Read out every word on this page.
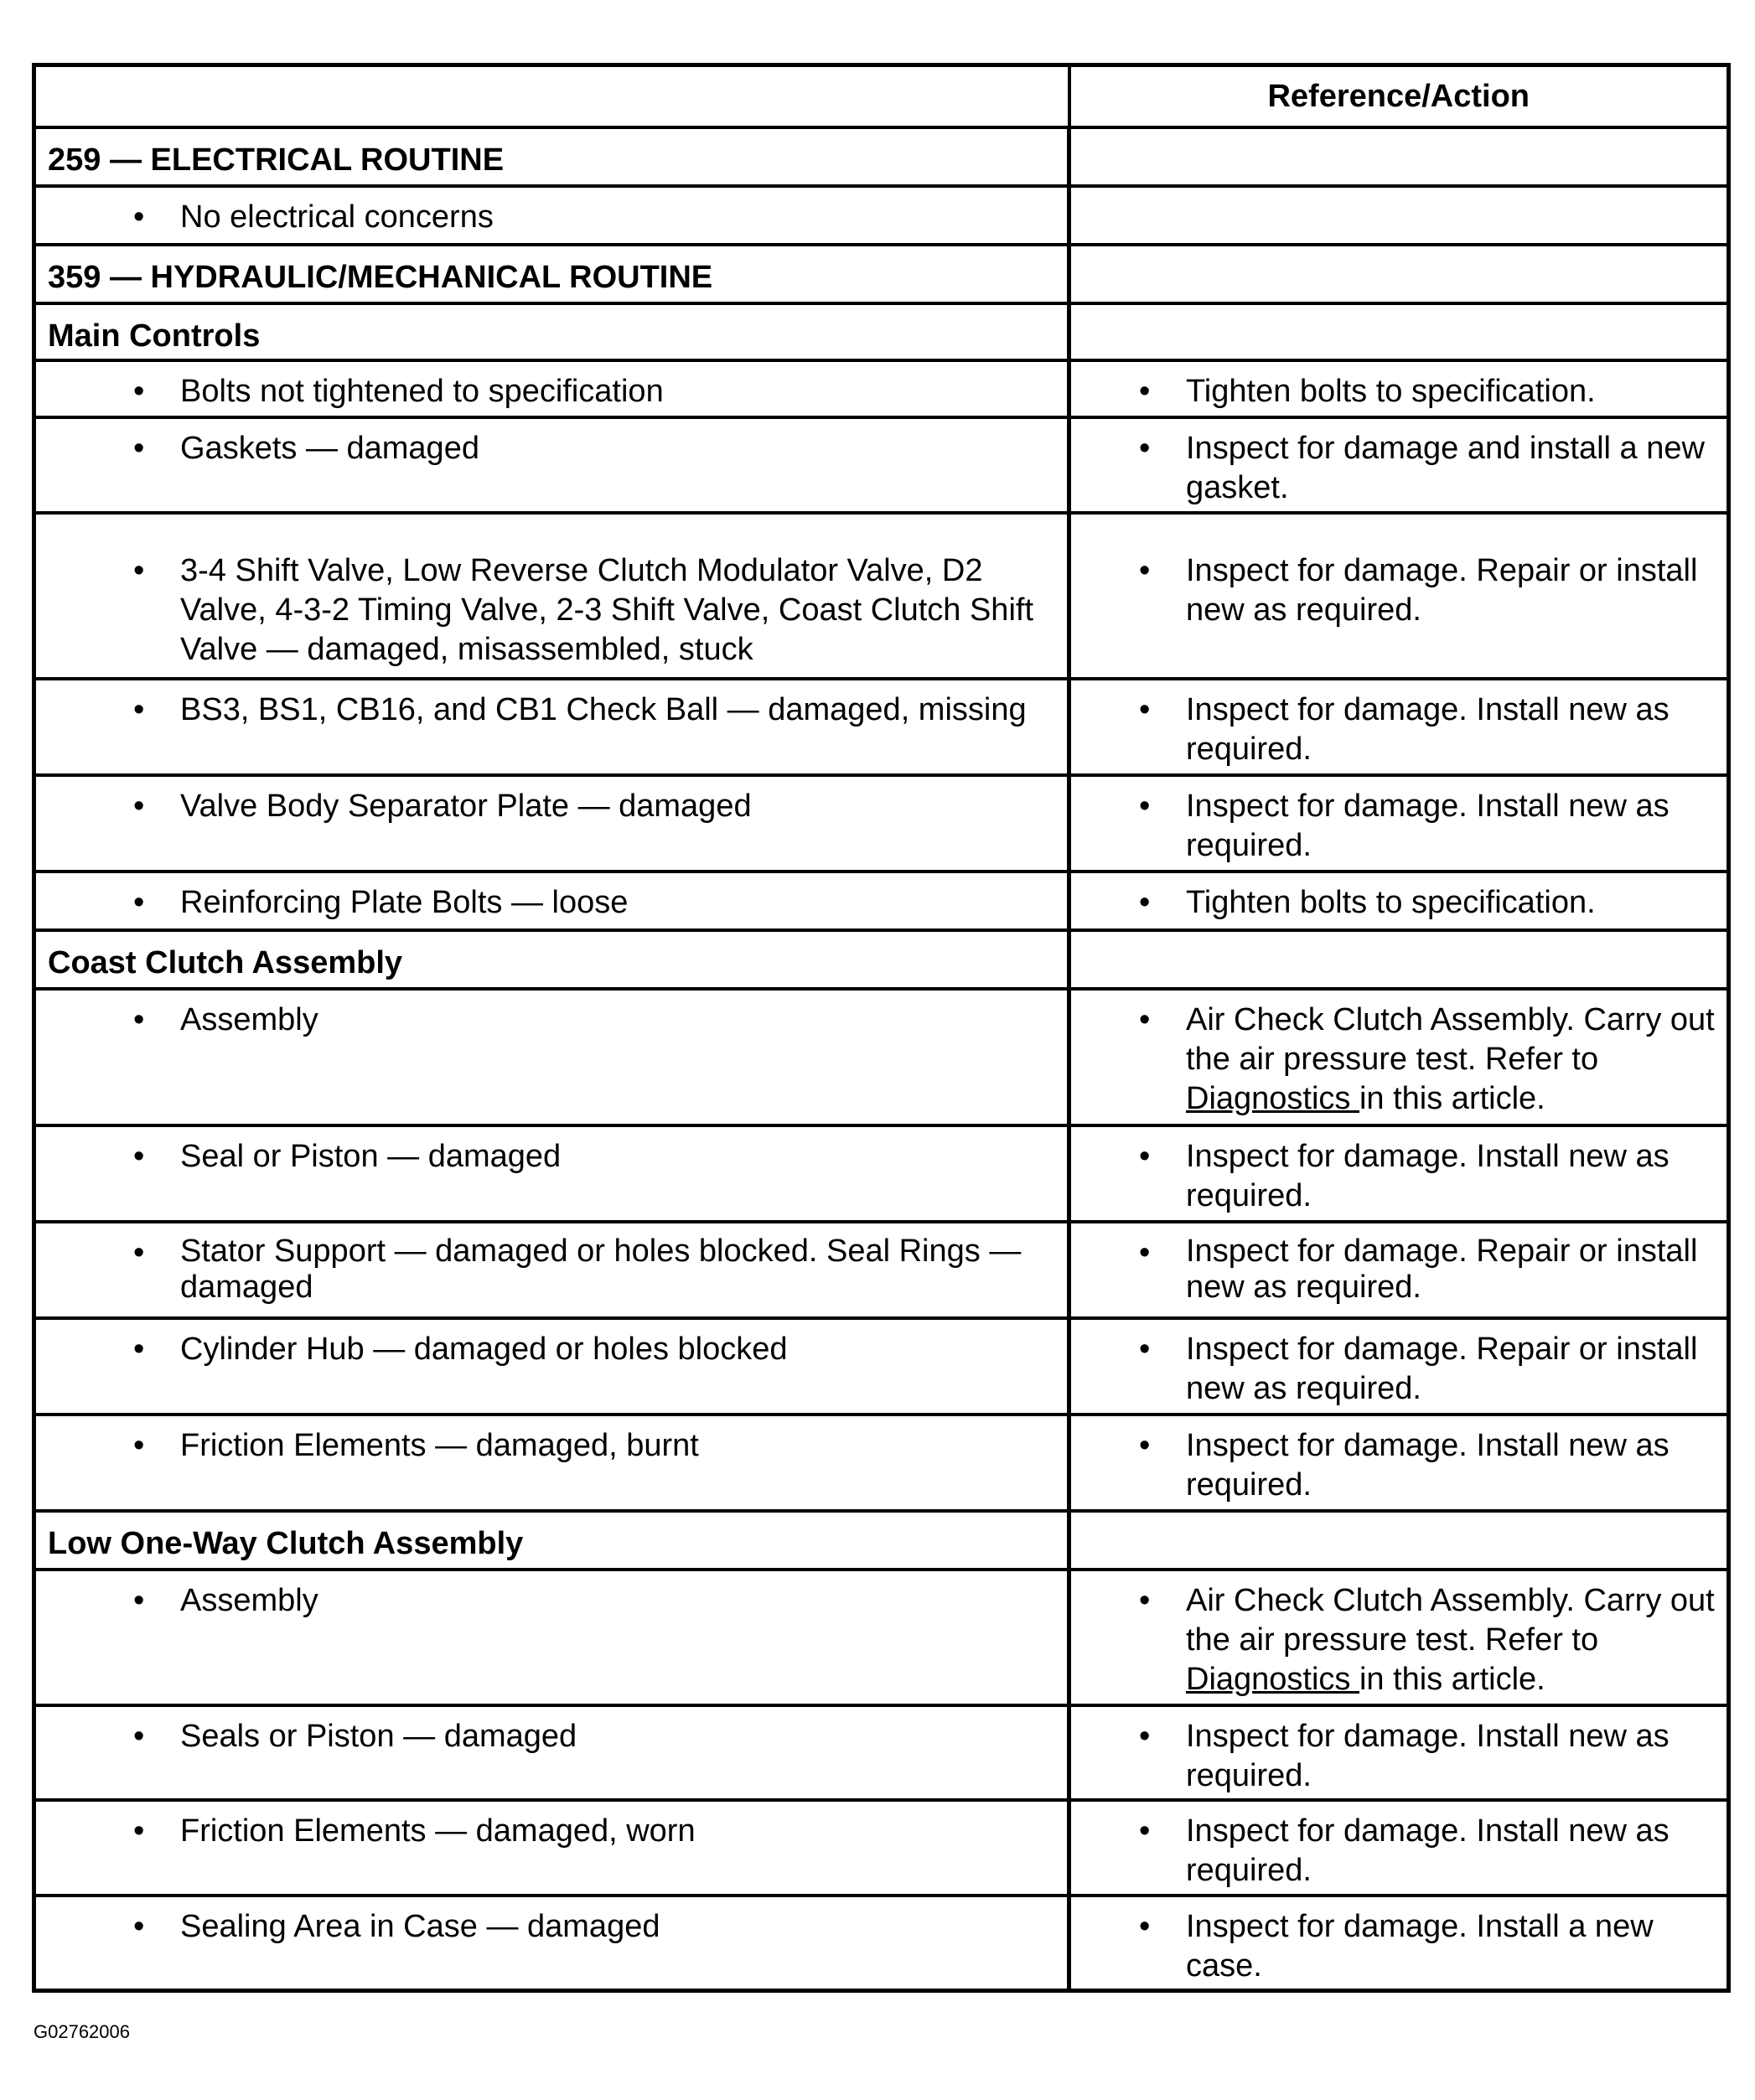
	Reference/Action

259 — ELECTRICAL ROUTINE	

• No electrical concerns	

359 — HYDRAULIC/MECHANICAL ROUTINE	

Main Controls	

• Bolts not tightened to specification	• Tighten bolts to specification.

• Gaskets — damaged	• Inspect for damage and install a new gasket.

• 3-4 Shift Valve, Low Reverse Clutch Modulator Valve, D2 Valve, 4-3-2 Timing Valve, 2-3 Shift Valve, Coast Clutch Shift Valve — damaged, misassembled, stuck	• Inspect for damage. Repair or install new as required.

• BS3, BS1, CB16, and CB1 Check Ball — damaged, missing	• Inspect for damage. Install new as required.

• Valve Body Separator Plate — damaged	• Inspect for damage. Install new as required.

• Reinforcing Plate Bolts — loose	• Tighten bolts to specification.

Coast Clutch Assembly	

• Assembly	• Air Check Clutch Assembly. Carry out the air pressure test. Refer to Diagnostics in this article.

• Seal or Piston — damaged	• Inspect for damage. Install new as required.

• Stator Support — damaged or holes blocked. Seal Rings — damaged	• Inspect for damage. Repair or install new as required.

• Cylinder Hub — damaged or holes blocked	• Inspect for damage. Repair or install new as required.

• Friction Elements — damaged, burnt	• Inspect for damage. Install new as required.

Low One-Way Clutch Assembly	

• Assembly	• Air Check Clutch Assembly. Carry out the air pressure test. Refer to Diagnostics in this article.

• Seals or Piston — damaged	• Inspect for damage. Install new as required.

• Friction Elements — damaged, worn	• Inspect for damage. Install new as required.

• Sealing Area in Case — damaged	• Inspect for damage. Install a new case.
G02762006
